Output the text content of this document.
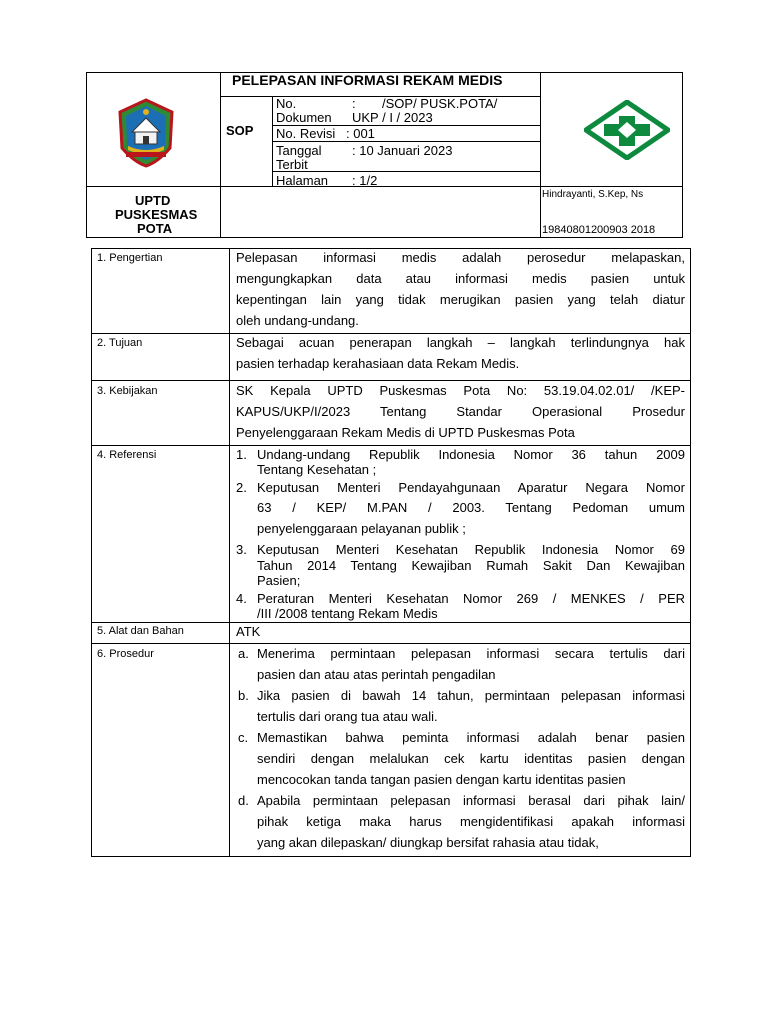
PELEPASAN INFORMASI REKAM MEDIS
SOP
UPTD
PUSKESMAS
POTA
No.
Dokumen
: /SOP/ PUSK.POTA/
UKP / I / 2023
No. Revisi : 001
Tanggal
Terbit
: 10 Januari 2023
Halaman : 1/2
Hindrayanti, S.Kep, Ns
19840801200903 2018
1. Pengertian
2. Tujuan
3. Kebijakan
4. Referensi
5. Alat dan Bahan
6. Prosedur
Pelepasan informasi medis adalah perosedur melapaskan,
mengungkapkan data atau informasi medis pasien untuk
kepentingan lain yang tidak merugikan pasien yang telah diatur
oleh undang-undang.
Sebagai acuan penerapan langkah – langkah terlindungnya hak
pasien terhadap kerahasiaan data Rekam Medis.
SK Kepala UPTD Puskesmas Pota No: 53.19.04.02.01/ /KEP-
KAPUS/UKP/I/2023 Tentang Standar Operasional Prosedur
Penyelenggaraan Rekam Medis di UPTD Puskesmas Pota
1. Undang-undang Republik Indonesia Nomor 36 tahun 2009
Tentang Kesehatan ;
2. Keputusan Menteri Pendayahgunaan Aparatur Negara Nomor
63 / KEP/ M.PAN / 2003. Tentang Pedoman umum
penyelenggaraan pelayanan publik ;
3. Keputusan Menteri Kesehatan Republik Indonesia Nomor 69
Tahun 2014 Tentang Kewajiban Rumah Sakit Dan Kewajiban
Pasien;
4. Peraturan Menteri Kesehatan Nomor 269 / MENKES / PER
/III /2008 tentang Rekam Medis
ATK
a. Menerima permintaan pelepasan informasi secara tertulis dari
pasien dan atau atas perintah pengadilan
b. Jika pasien di bawah 14 tahun, permintaan pelepasan informasi
tertulis dari orang tua atau wali.
c. Memastikan bahwa peminta informasi adalah benar pasien
sendiri dengan melalukan cek kartu identitas pasien dengan
mencocokan tanda tangan pasien dengan kartu identitas pasien
d. Apabila permintaan pelepasan informasi berasal dari pihak lain/
pihak ketiga maka harus mengidentifikasi apakah informasi
yang akan dilepaskan/ diungkap bersifat rahasia atau tidak,
